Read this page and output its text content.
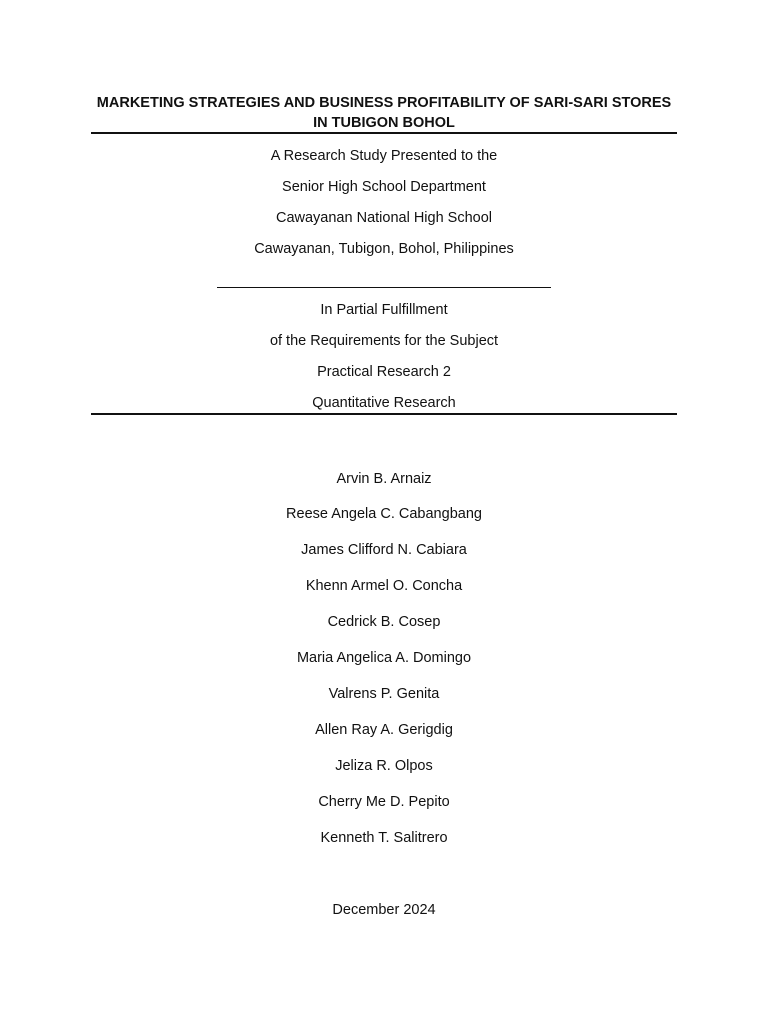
MARKETING STRATEGIES AND BUSINESS PROFITABILITY OF SARI-SARI STORES IN TUBIGON BOHOL
A Research Study Presented to the
Senior High School Department
Cawayanan National High School
Cawayanan, Tubigon, Bohol, Philippines
In Partial Fulfillment
of the Requirements for the Subject
Practical Research 2
Quantitative Research
Arvin B. Arnaiz
Reese Angela C. Cabangbang
James Clifford N. Cabiara
Khenn Armel O. Concha
Cedrick B. Cosep
Maria Angelica A. Domingo
Valrens P. Genita
Allen Ray A. Gerigdig
Jeliza R. Olpos
Cherry Me D. Pepito
Kenneth T. Salitrero
December 2024
